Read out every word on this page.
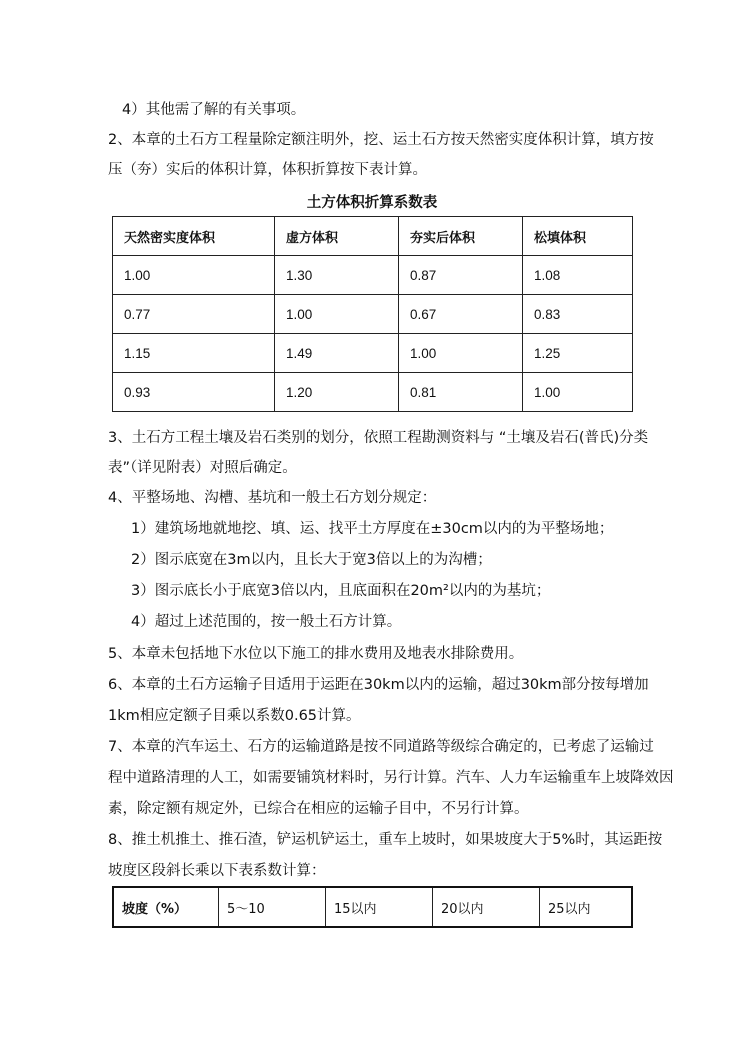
4）其他需了解的有关事项。
2、本章的土石方工程量除定额注明外，挖、运土石方按天然密实度体积计算，填方按
压（夯）实后的体积计算，体积折算按下表计算。
土方体积折算系数表
天然密实度体积	虚方体积	夯实后体积	松填体积
1.00	1.30	0.87	1.08
0.77	1.00	0.67	0.83
1.15	1.49	1.00	1.25
0.93	1.20	0.81	1.00
3、土石方工程土壤及岩石类别的划分，依照工程勘测资料与 “土壤及岩石(普氏)分类
表”（详见附表）对照后确定。
4、平整场地、沟槽、基坑和一般土石方划分规定：
1）建筑场地就地挖、填、运、找平土方厚度在±30cm以内的为平整场地；
2）图示底宽在3m以内，且长大于宽3倍以上的为沟槽；
3）图示底长小于底宽3倍以内，且底面积在20m²以内的为基坑；
4）超过上述范围的，按一般土石方计算。
5、本章未包括地下水位以下施工的排水费用及地表水排除费用。
6、本章的土石方运输子目适用于运距在30km以内的运输，超过30km部分按每增加
1km相应定额子目乘以系数0.65计算。
7、本章的汽车运土、石方的运输道路是按不同道路等级综合确定的，已考虑了运输过
程中道路清理的人工，如需要铺筑材料时，另行计算。汽车、人力车运输重车上坡降效因
素，除定额有规定外，已综合在相应的运输子目中，不另行计算。
8、推土机推土、推石渣，铲运机铲运土，重车上坡时，如果坡度大于5%时，其运距按
坡度区段斜长乘以下表系数计算：
坡度（%）	5～10	15以内	20以内	25以内
